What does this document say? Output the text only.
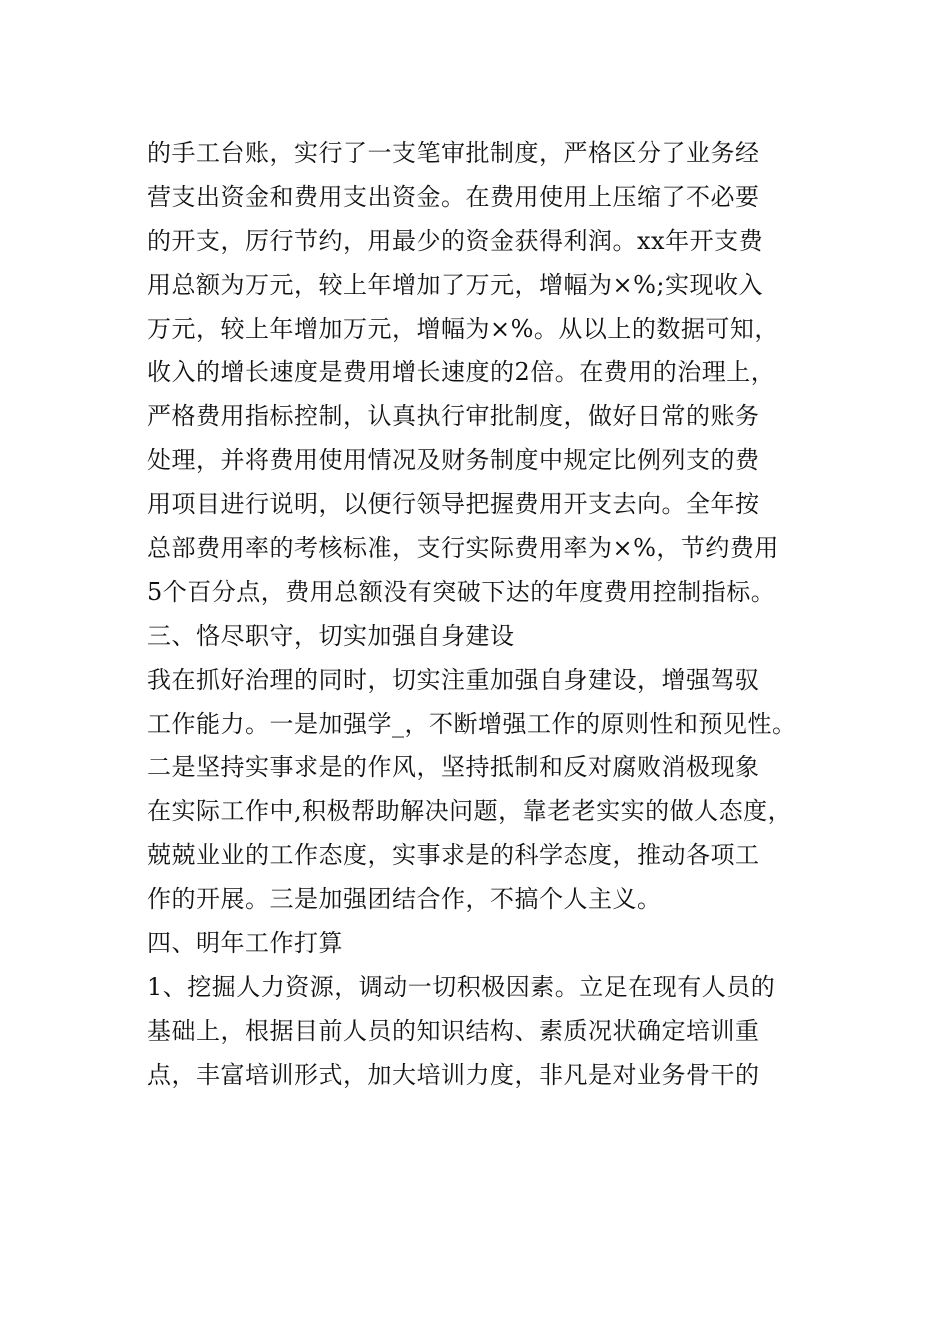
的手工台账，实行了一支笔审批制度，严格区分了业务经
营支出资金和费用支出资金。在费用使用上压缩了不必要
的开支，厉行节约，用最少的资金获得利润。xx年开支费
用总额为万元，较上年增加了万元，增幅为×%;实现收入
万元，较上年增加万元，增幅为×%。从以上的数据可知，
收入的增长速度是费用增长速度的2倍。在费用的治理上，
严格费用指标控制，认真执行审批制度，做好日常的账务
处理，并将费用使用情况及财务制度中规定比例列支的费
用项目进行说明，以便行领导把握费用开支去向。全年按
总部费用率的考核标准，支行实际费用率为×%，节约费用
5个百分点，费用总额没有突破下达的年度费用控制指标。
三、恪尽职守，切实加强自身建设
我在抓好治理的同时，切实注重加强自身建设，增强驾驭
工作能力。一是加强学_，不断增强工作的原则性和预见性。
二是坚持实事求是的作风，坚持抵制和反对腐败消极现象
在实际工作中,积极帮助解决问题，靠老老实实的做人态度，
兢兢业业的工作态度，实事求是的科学态度，推动各项工
作的开展。三是加强团结合作，不搞个人主义。
四、明年工作打算
1、挖掘人力资源，调动一切积极因素。立足在现有人员的
基础上，根据目前人员的知识结构、素质况状确定培训重
点，丰富培训形式，加大培训力度，非凡是对业务骨干的
